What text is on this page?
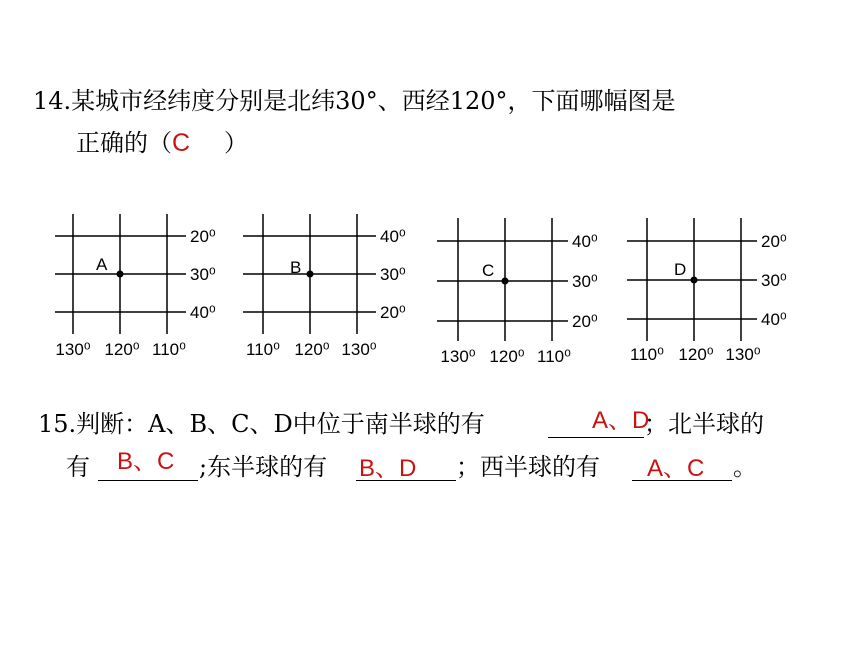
14.某城市经纬度分别是北纬30°、西经120°，下面哪幅图是
正确的（C ）
A
20⁰
30⁰
40⁰
130⁰ 120⁰ 110⁰
B
40⁰
30⁰
20⁰
110⁰ 120⁰ 130⁰
C
40⁰
30⁰
20⁰
130⁰ 120⁰ 110⁰
D
20⁰
30⁰
40⁰
110⁰ 120⁰ 130⁰
15.判断：A、B、C、D中位于南半球的有	A、D
；北半球的
有 B、C ;东半球的有 B、D ；西半球的有 A、C 。
